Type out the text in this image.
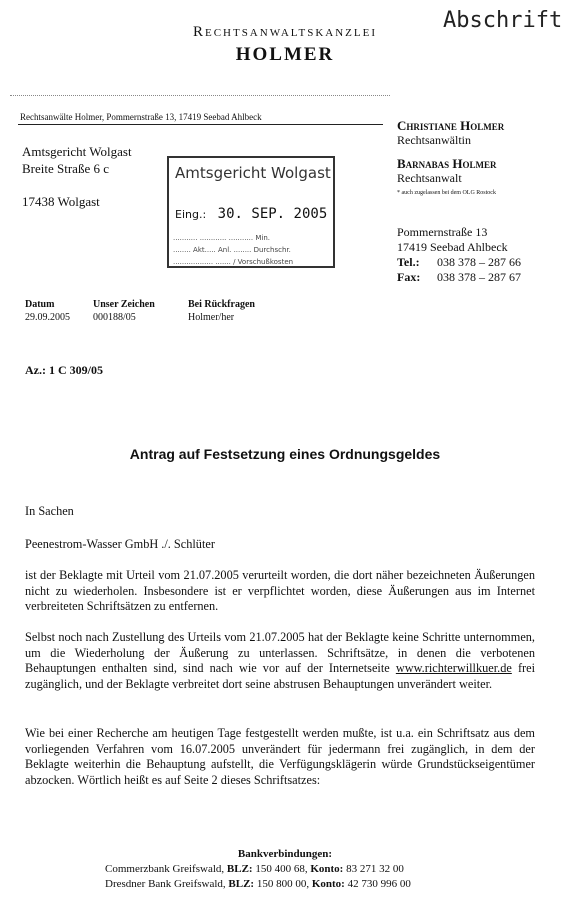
Rechtsanwaltskanzlei
HOLMER
Abschrift
Rechtsanwälte Holmer, Pommernstraße 13, 17419 Seebad Ahlbeck
Amtsgericht Wolgast
Breite Straße 6 c
17438 Wolgast
Amtsgericht Wolgast
Eing.: 30. SEP. 2005
........... ............ ........... Min.
........ Akt..... Anl. ........ Durchschr.
.................. ....... / Vorschußkosten
Christiane Holmer
Rechtsanwältin
Barnabas Holmer
Rechtsanwalt
* auch zugelassen bei dem OLG Rostock
Pommernstraße 13
17419 Seebad Ahlbeck
Tel.: 038 378 – 287 66
Fax: 038 378 – 287 67
Datum
29.09.2005
Unser Zeichen
000188/05
Bei Rückfragen
Holmer/her
Az.: 1 C 309/05
Antrag auf Festsetzung eines Ordnungsgeldes
In Sachen
Peenestrom-Wasser GmbH ./. Schlüter
ist der Beklagte mit Urteil vom 21.07.2005 verurteilt worden, die dort näher bezeichneten Äußerungen nicht zu wiederholen. Insbesondere ist er verpflichtet worden, diese Äußerungen aus im Internet verbreiteten Schriftsätzen zu entfernen.
Selbst noch nach Zustellung des Urteils vom 21.07.2005 hat der Beklagte keine Schritte unternommen, um die Wiederholung der Äußerung zu unterlassen. Schriftsätze, in denen die verbotenen Behauptungen enthalten sind, sind nach wie vor auf der Internetseite www.richterwillkuer.de frei zugänglich, und der Beklagte verbreitet dort seine abstrusen Behauptungen unverändert weiter.
Wie bei einer Recherche am heutigen Tage festgestellt werden mußte, ist u.a. ein Schriftsatz aus dem vorliegenden Verfahren vom 16.07.2005 unverändert für jedermann frei zugänglich, in dem der Beklagte weiterhin die Behauptung aufstellt, die Verfügungsklägerin würde Grundstückseigentümer abzocken. Wörtlich heißt es auf Seite 2 dieses Schriftsatzes:
Bankverbindungen:
Commerzbank Greifswald, BLZ: 150 400 68, Konto: 83 271 32 00
Dresdner Bank Greifswald, BLZ: 150 800 00, Konto: 42 730 996 00
